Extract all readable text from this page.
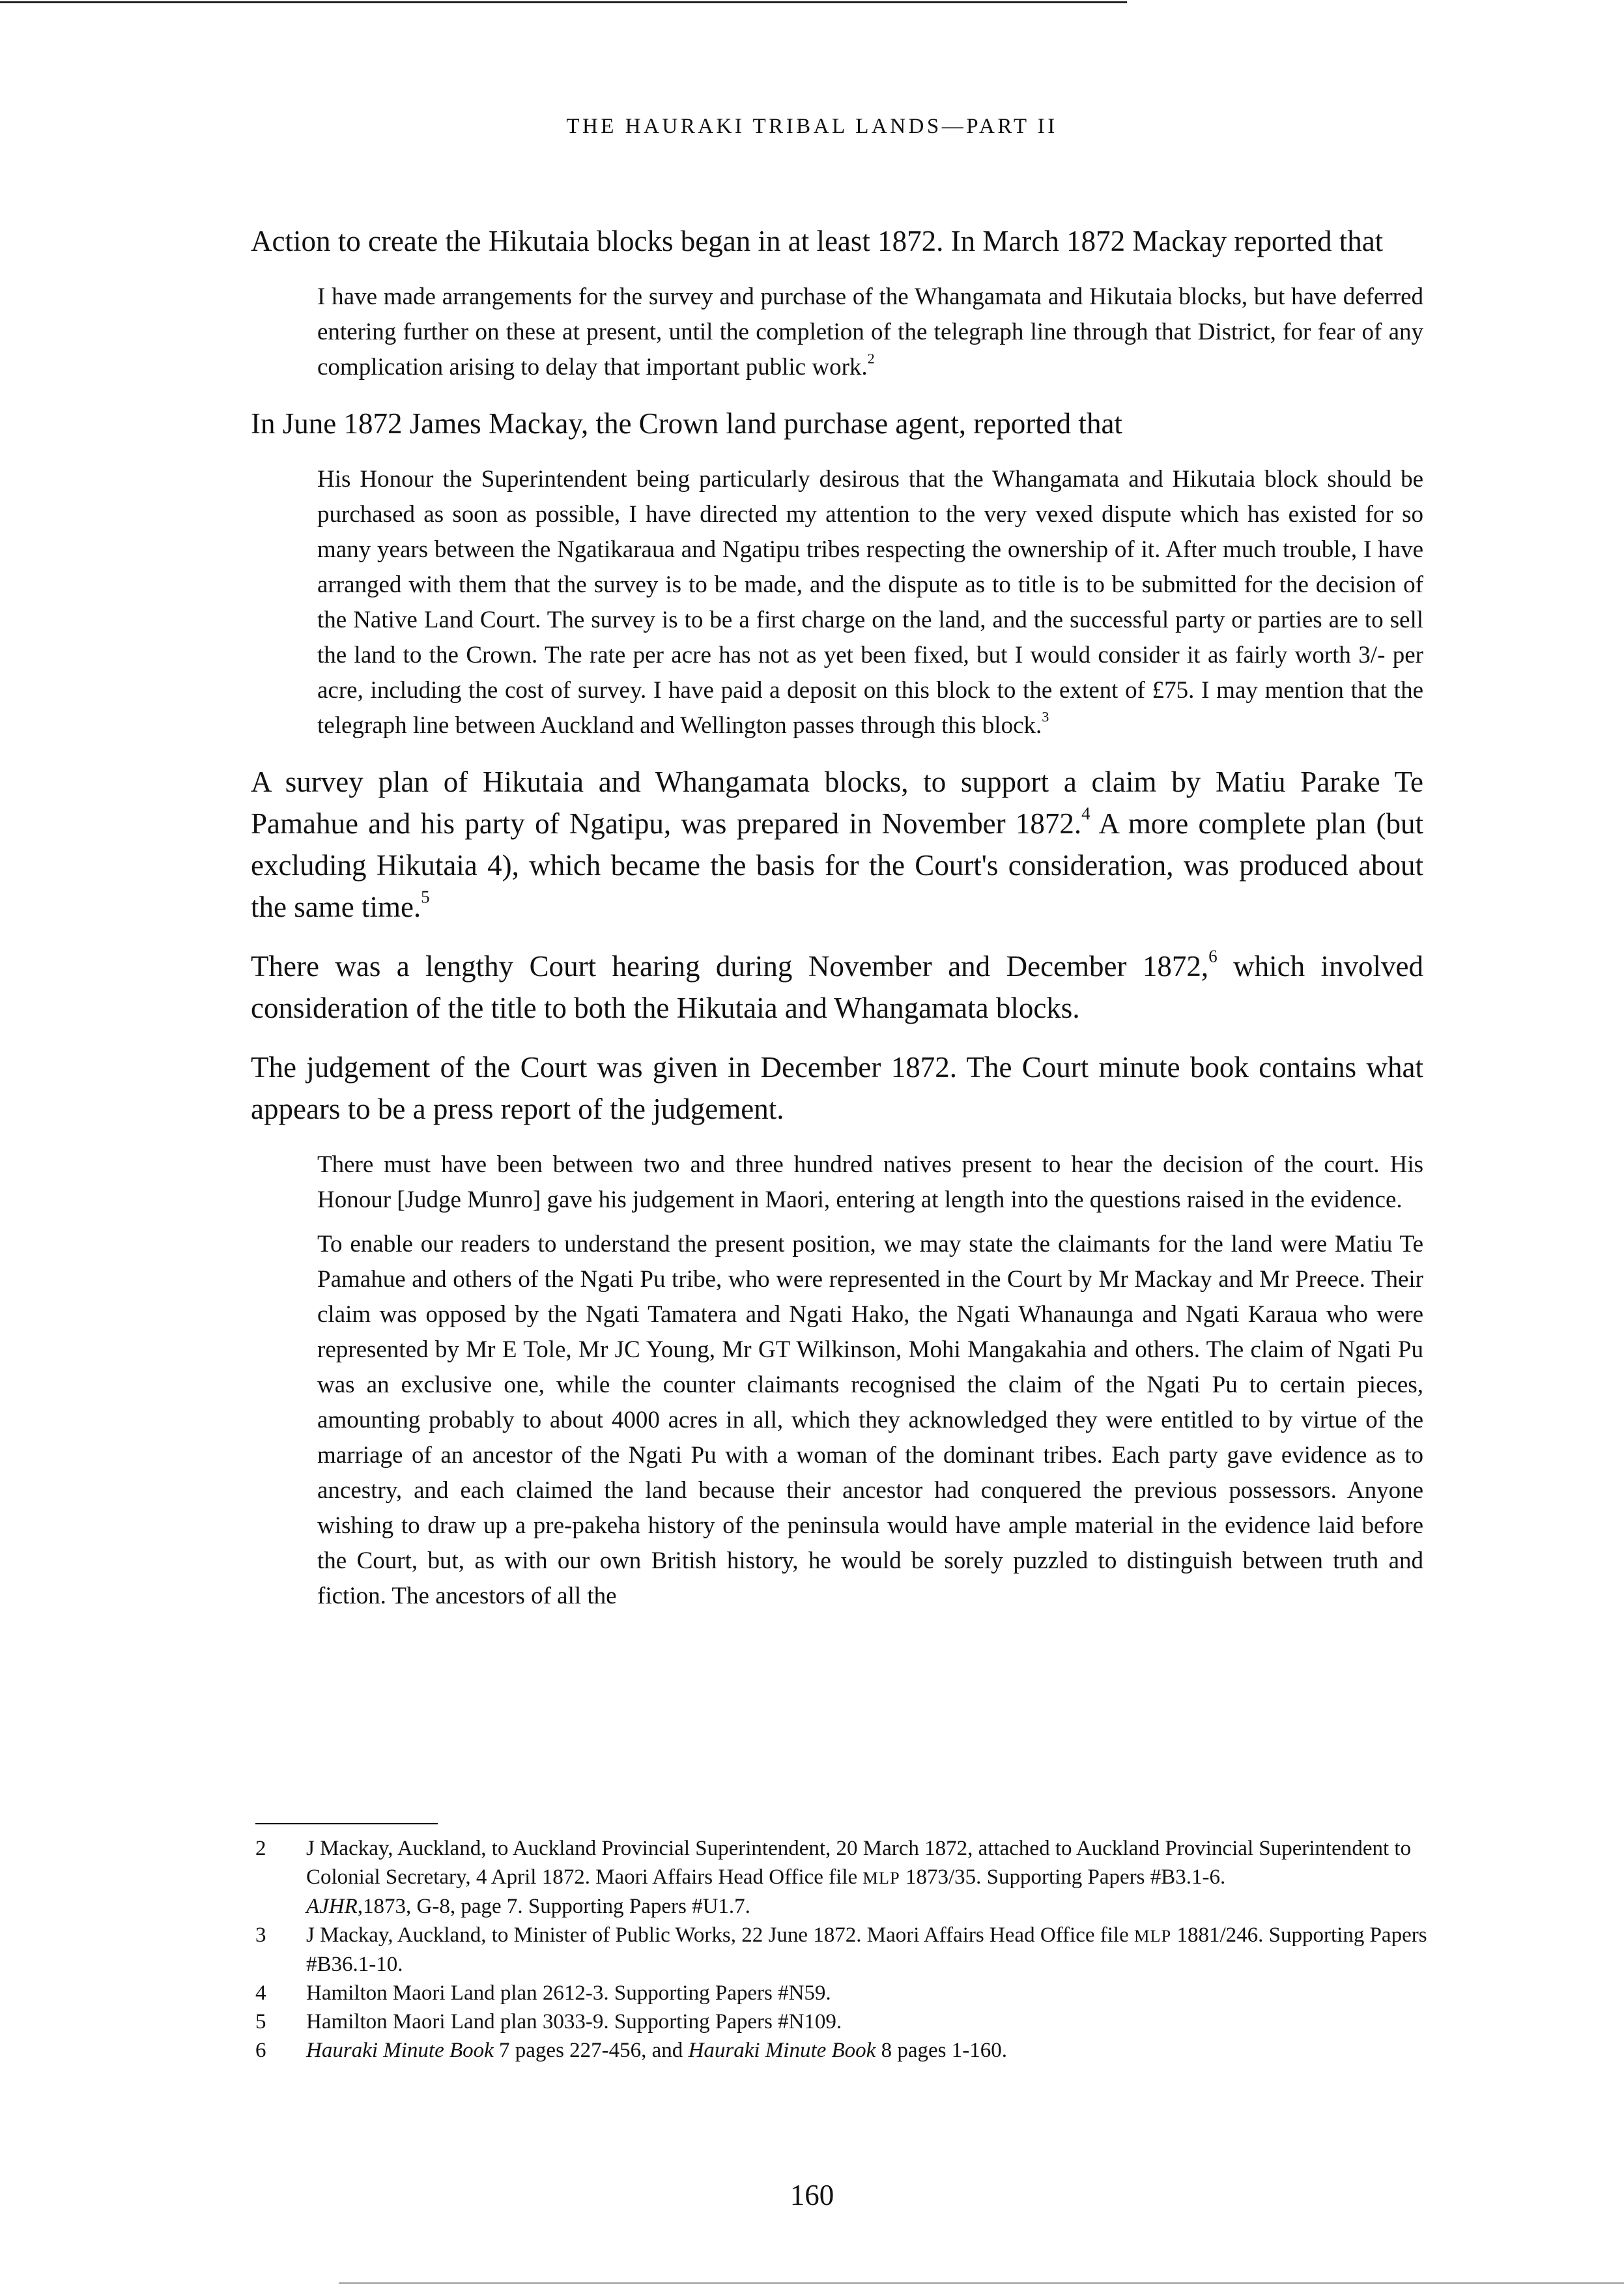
THE HAURAKI TRIBAL LANDS—PART II

Action to create the Hikutaia blocks began in at least 1872. In March 1872 Mackay reported that

I have made arrangements for the survey and purchase of the Whangamata and Hikutaia blocks, but have deferred entering further on these at present, until the completion of the telegraph line through that District, for fear of any complication arising to delay that important public work.$^2$

In June 1872 James Mackay, the Crown land purchase agent, reported that

His Honour the Superintendent being particularly desirous that the Whangamata and Hikutaia block should be purchased as soon as possible, I have directed my attention to the very vexed dispute which has existed for so many years between the Ngatikaraua and Ngatipu tribes respecting the ownership of it. After much trouble, I have arranged with them that the survey is to be made, and the dispute as to title is to be submitted for the decision of the Native Land Court. The survey is to be a first charge on the land, and the successful party or parties are to sell the land to the Crown. The rate per acre has not as yet been fixed, but I would consider it as fairly worth 3/- per acre, including the cost of survey. I have paid a deposit on this block to the extent of £75. I may mention that the telegraph line between Auckland and Wellington passes through this block.$^3$

A survey plan of Hikutaia and Whangamata blocks, to support a claim by Matiu Parake Te Pamahue and his party of Ngatipu, was prepared in November 1872.$^4$ A more complete plan (but excluding Hikutaia 4), which became the basis for the Court's consideration, was produced about the same time.$^5$

There was a lengthy Court hearing during November and December 1872,$^6$ which involved consideration of the title to both the Hikutaia and Whangamata blocks.

The judgement of the Court was given in December 1872. The Court minute book contains what appears to be a press report of the judgement.

There must have been between two and three hundred natives present to hear the decision of the court. His Honour [Judge Munro] gave his judgement in Maori, entering at length into the questions raised in the evidence.

To enable our readers to understand the present position, we may state the claimants for the land were Matiu Te Pamahue and others of the Ngati Pu tribe, who were represented in the Court by Mr Mackay and Mr Preece. Their claim was opposed by the Ngati Tamatera and Ngati Hako, the Ngati Whanaunga and Ngati Karaua who were represented by Mr E Tole, Mr JC Young, Mr GT Wilkinson, Mohi Mangakahia and others. The claim of Ngati Pu was an exclusive one, while the counter claimants recognised the claim of the Ngati Pu to certain pieces, amounting probably to about 4000 acres in all, which they acknowledged they were entitled to by virtue of the marriage of an ancestor of the Ngati Pu with a woman of the dominant tribes. Each party gave evidence as to ancestry, and each claimed the land because their ancestor had conquered the previous possessors. Anyone wishing to draw up a pre-pakeha history of the peninsula would have ample material in the evidence laid before the Court, but, as with our own British history, he would be sorely puzzled to distinguish between truth and fiction. The ancestors of all the

2	J Mackay, Auckland, to Auckland Provincial Superintendent, 20 March 1872, attached to Auckland Provincial Superintendent to Colonial Secretary, 4 April 1872. Maori Affairs Head Office file MLP 1873/35. Supporting Papers #B3.1-6.
AJHR,1873, G-8, page 7. Supporting Papers #U1.7.
3	J Mackay, Auckland, to Minister of Public Works, 22 June 1872. Maori Affairs Head Office file MLP 1881/246. Supporting Papers #B36.1-10.
4	Hamilton Maori Land plan 2612-3. Supporting Papers #N59.
5	Hamilton Maori Land plan 3033-9. Supporting Papers #N109.
6	Hauraki Minute Book 7 pages 227-456, and Hauraki Minute Book 8 pages 1-160.
160
